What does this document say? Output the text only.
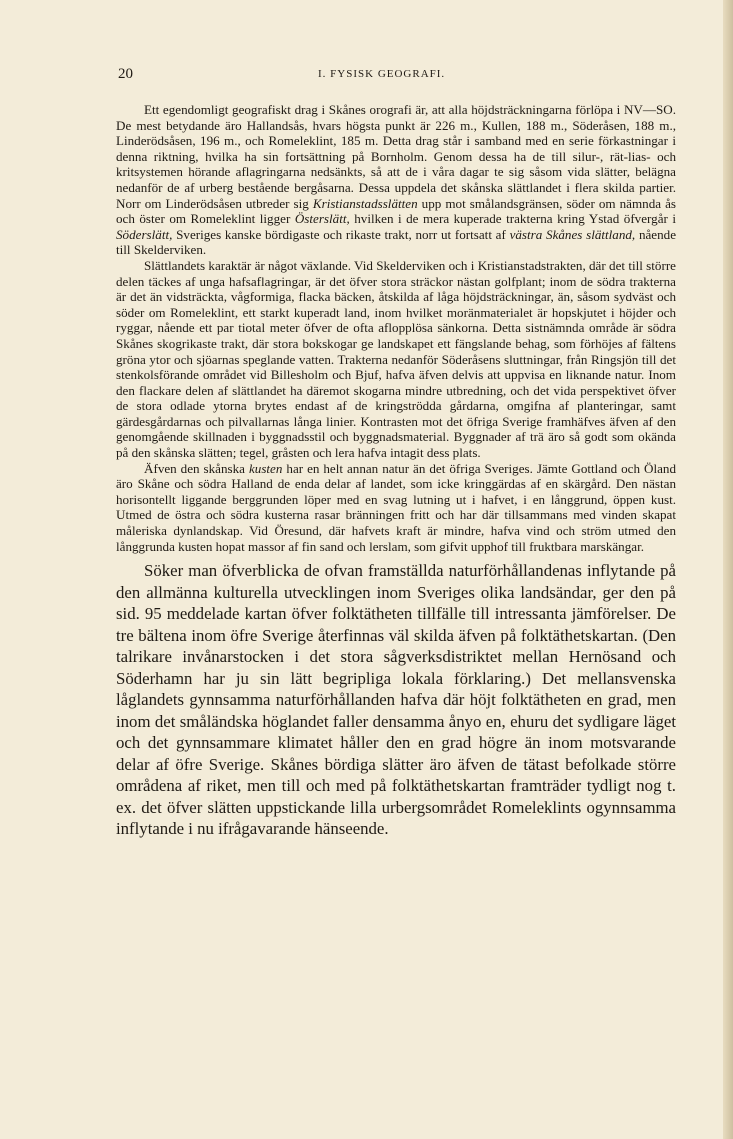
20	I. FYSISK GEOGRAFI.

Ett egendomligt geografiskt drag i Skånes orografi är, att alla höjdsträckningarna förlöpa i NV—SO. De mest betydande äro Hallandsås, hvars högsta punkt är 226 m., Kullen, 188 m., Söderåsen, 188 m., Linderödsåsen, 196 m., och Romeleklint, 185 m. Detta drag står i samband med en serie förkastningar i denna riktning, hvilka ha sin fortsättning på Bornholm. Genom dessa ha de till silur-, rät-lias- och kritsystemen hörande aflagringarna nedsänkts, så att de i våra dagar te sig såsom vida slätter, belägna nedanför de af urberg bestående bergåsarna. Dessa uppdela det skånska slättlandet i flera skilda partier. Norr om Linderödsåsen utbreder sig Kristianstadsslätten upp mot smålandsgränsen, söder om nämnda ås och öster om Romeleklint ligger Österslätt, hvilken i de mera kuperade trakterna kring Ystad öfvergår i Söderslätt, Sveriges kanske bördigaste och rikaste trakt, norr ut fortsatt af västra Skånes slättland, nående till Skelderviken.

Slättlandets karaktär är något växlande. Vid Skelderviken och i Kristianstadstrakten, där det till större delen täckes af unga hafsaflagringar, är det öfver stora sträckor nästan golfplant; inom de södra trakterna är det än vidsträckta, vågformiga, flacka bäcken, åtskilda af låga höjdsträckningar, än, såsom sydväst och söder om Romeleklint, ett starkt kuperadt land, inom hvilket moränmaterialet är hopskjutet i höjder och ryggar, nående ett par tiotal meter öfver de ofta aflopplösa sänkorna. Detta sistnämnda område är södra Skånes skogrikaste trakt, där stora bokskogar ge landskapet ett fängslande behag, som förhöjes af fältens gröna ytor och sjöarnas speglande vatten. Trakterna nedanför Söderåsens sluttningar, från Ringsjön till det stenkolsförande området vid Billesholm och Bjuf, hafva äfven delvis att uppvisa en liknande natur. Inom den flackare delen af slättlandet ha däremot skogarna mindre utbredning, och det vida perspektivet öfver de stora odlade ytorna brytes endast af de kringströdda gårdarna, omgifna af planteringar, samt gärdesgårdarnas och pilvallarnas långa linier. Kontrasten mot det öfriga Sverige framhäfves äfven af den genomgående skillnaden i byggnadsstil och byggnadsmaterial. Byggnader af trä äro så godt som okända på den skånska slätten; tegel, gråsten och lera hafva intagit dess plats.

Äfven den skånska kusten har en helt annan natur än det öfriga Sveriges. Jämte Gottland och Öland äro Skåne och södra Halland de enda delar af landet, som icke kringgärdas af en skärgård. Den nästan horisontellt liggande berggrunden löper med en svag lutning ut i hafvet, i en långgrund, öppen kust. Utmed de östra och södra kusterna rasar bränningen fritt och har där tillsammans med vinden skapat måleriska dynlandskap. Vid Öresund, där hafvets kraft är mindre, hafva vind och ström utmed den långgrunda kusten hopat massor af fin sand och lerslam, som gifvit upphof till fruktbara marskängar.

Söker man öfverblicka de ofvan framställda naturförhållandenas inflytande på den allmänna kulturella utvecklingen inom Sveriges olika landsändar, ger den på sid. 95 meddelade kartan öfver folktätheten tillfälle till intressanta jämförelser. De tre bältena inom öfre Sverige återfinnas väl skilda äfven på folktäthetskartan. (Den talrikare invånarstocken i det stora sågverksdistriktet mellan Hernösand och Söderhamn har ju sin lätt begripliga lokala förklaring.) Det mellansvenska låglandets gynnsamma naturförhållanden hafva där höjt folktätheten en grad, men inom det småländska höglandet faller densamma ånyo en, ehuru det sydligare läget och det gynnsammare klimatet håller den en grad högre än inom motsvarande delar af öfre Sverige. Skånes bördiga slätter äro äfven de tätast befolkade större områdena af riket, men till och med på folktäthetskartan framträder tydligt nog t. ex. det öfver slätten uppstickande lilla urbergsområdet Romeleklints ogynnsamma inflytande i nu ifrågavarande hänseende.
